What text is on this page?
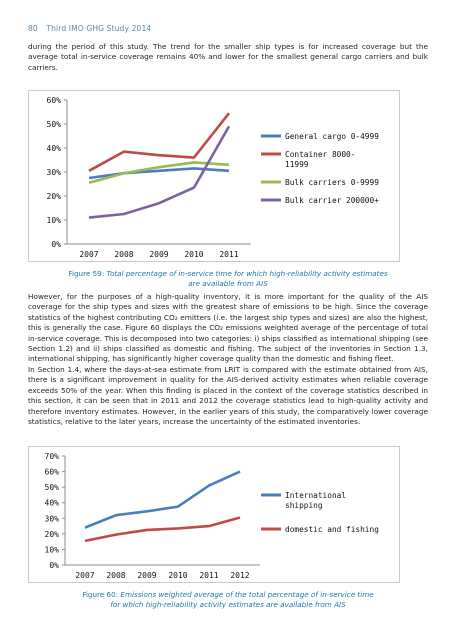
80 Third IMO GHG Study 2014

during the period of this study. The trend for the smaller ship types is for increased coverage but the average total in-service coverage remains 40% and lower for the smallest general cargo carriers and bulk carriers.

0%
10%
20%
30%
40%
50%
60%
2007 2008 2009 2010 2011
General cargo 0-4999
Container 8000-
11999
Bulk carriers 0-9999
Bulk carrier 200000+

Figure 59: Total percentage of in-service time for which high-reliability activity estimates
are available from AIS

However, for the purposes of a high-quality inventory, it is more important for the quality of the AIS coverage for the ship types and sizes with the greatest share of emissions to be high. Since the coverage statistics of the highest contributing CO₂ emitters (i.e. the largest ship types and sizes) are also the highest, this is generally the case. Figure 60 displays the CO₂ emissions weighted average of the percentage of total in-service coverage. This is decomposed into two categories: i) ships classified as international shipping (see Section 1.2) and ii) ships classified as domestic and fishing. The subject of the inventories in Section 1.3, international shipping, has significantly higher coverage quality than the domestic and fishing fleet.

In Section 1.4, where the days-at-sea estimate from LRIT is compared with the estimate obtained from AIS, there is a significant improvement in quality for the AIS-derived activity estimates when reliable coverage exceeds 50% of the year. When this finding is placed in the context of the coverage statistics described in this section, it can be seen that in 2011 and 2012 the coverage statistics lead to high-quality activity and therefore inventory estimates. However, in the earlier years of this study, the comparatively lower coverage statistics, relative to the later years, increase the uncertainty of the estimated inventories.

0%
10%
20%
30%
40%
50%
60%
70%
2007 2008 2009 2010 2011 2012
International
shipping
domestic and fishing

Figure 60: Emissions weighted average of the total percentage of in-service time
for which high-reliability activity estimates are available from AIS
